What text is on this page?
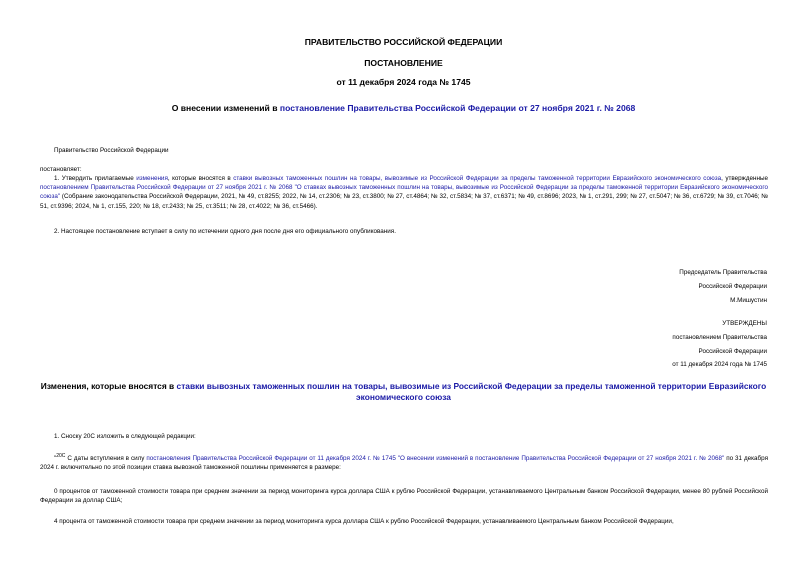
ПРАВИТЕЛЬСТВО РОССИЙСКОЙ ФЕДЕРАЦИИ
ПОСТАНОВЛЕНИЕ
от 11 декабря 2024 года № 1745
О внесении изменений в постановление Правительства Российской Федерации от 27 ноября 2021 г. № 2068
Правительство Российской Федерации
постановляет:
1. Утвердить прилагаемые изменения, которые вносятся в ставки вывозных таможенных пошлин на товары, вывозимые из Российской Федерации за пределы таможенной территории Евразийского экономического союза, утвержденные постановлением Правительства Российской Федерации от 27 ноября 2021 г. № 2068 "О ставках вывозных таможенных пошлин на товары, вывозимые из Российской Федерации за пределы таможенной территории Евразийского экономического союза" (Собрание законодательства Российской Федерации, 2021, № 49, ст.8255; 2022, № 14, ст.2306; № 23, ст.3800; № 27, ст.4864; № 32, ст.5834; № 37, ст.6371; № 49, ст.8696; 2023, № 1, ст.291, 299; № 27, ст.5047; № 36, ст.6729; № 39, ст.7046; № 51, ст.9396; 2024, № 1, ст.155, 220; № 18, ст.2433; № 25, ст.3511; № 28, ст.4022; № 36, ст.5466).
2. Настоящее постановление вступает в силу по истечении одного дня после дня его официального опубликования.
Председатель Правительства
Российской Федерации
М.Мишустин
УТВЕРЖДЕНЫ
постановлением Правительства
Российской Федерации
от 11 декабря 2024 года № 1745
Изменения, которые вносятся в ставки вывозных таможенных пошлин на товары, вывозимые из Российской Федерации за пределы таможенной территории Евразийского экономического союза
1. Сноску 20С изложить в следующей редакции:
"$^{20С}$ С даты вступления в силу постановления Правительства Российской Федерации от 11 декабря 2024 г. № 1745 "О внесении изменений в постановление Правительства Российской Федерации от 27 ноября 2021 г. № 2068" по 31 декабря 2024 г. включительно по этой позиции ставка вывозной таможенной пошлины применяется в размере:
0 процентов от таможенной стоимости товара при среднем значении за период мониторинга курса доллара США к рублю Российской Федерации, устанавливаемого Центральным банком Российской Федерации, менее 80 рублей Российской Федерации за доллар США;
4 процента от таможенной стоимости товара при среднем значении за период мониторинга курса доллара США к рублю Российской Федерации, устанавливаемого Центральным банком Российской Федерации,
